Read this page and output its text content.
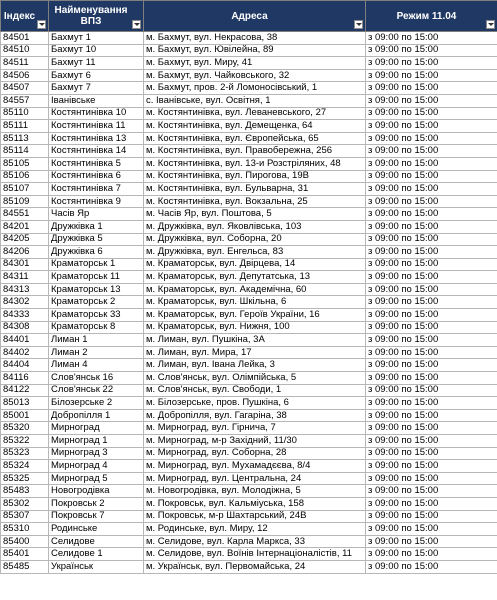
Індекс	Найменування ВПЗ	Адреса	Режим 11.04

84501	Бахмут 1	м. Бахмут, вул. Некрасова, 38	з 09:00 по 15:00
84510	Бахмут 10	м. Бахмут, вул. Ювілейна, 89	з 09:00 по 15:00
84511	Бахмут 11	м. Бахмут, вул. Миру, 41	з 09:00 по 15:00
84506	Бахмут 6	м. Бахмут, вул. Чайковського, 32	з 09:00 по 15:00
84507	Бахмут 7	м. Бахмут, пров. 2-й Ломоносівський, 1	з 09:00 по 15:00
84557	Іванівське	с. Іванівське, вул. Освітня, 1	з 09:00 по 15:00
85110	Костянтинівка 10	м. Костянтинівка, вул. Леваневського, 27	з 09:00 по 15:00
85111	Костянтинівка 11	м. Костянтинівка, вул. Демещенка, 64	з 09:00 по 15:00
85113	Костянтинівка 13	м. Костянтинівка, вул. Європейська, 65	з 09:00 по 15:00
85114	Костянтинівка 14	м. Костянтинівка, вул. Правобережна, 256	з 09:00 по 15:00
85105	Костянтинівка 5	м. Костянтинівка, вул. 13-и Розстріляних, 48	з 09:00 по 15:00
85106	Костянтинівка 6	м. Костянтинівка, вул. Пирогова, 19В	з 09:00 по 15:00
85107	Костянтинівка 7	м. Костянтинівка, вул. Бульварна, 31	з 09:00 по 15:00
85109	Костянтинівка 9	м. Костянтинівка, вул. Вокзальна, 25	з 09:00 по 15:00
84551	Часів Яр	м. Часів Яр, вул. Поштова, 5	з 09:00 по 15:00
84201	Дружківка 1	м. Дружківка, вул. Яковлівська, 103	з 09:00 по 15:00
84205	Дружківка 5	м. Дружківка, вул. Соборна, 20	з 09:00 по 15:00
84206	Дружківка 6	м. Дружківка, вул. Енгельса, 83	з 09:00 по 15:00
84301	Краматорськ 1	м. Краматорськ, вул. Двірцева, 14	з 09:00 по 15:00
84311	Краматорськ 11	м. Краматорськ, вул. Депутатська, 13	з 09:00 по 15:00
84313	Краматорськ 13	м. Краматорськ, вул. Академічна, 60	з 09:00 по 15:00
84302	Краматорськ 2	м. Краматорськ, вул. Шкільна, 6	з 09:00 по 15:00
84333	Краматорськ 33	м. Краматорськ, вул. Героїв України, 16	з 09:00 по 15:00
84308	Краматорськ 8	м. Краматорськ, вул. Нижня, 100	з 09:00 по 15:00
84401	Лиман 1	м. Лиман, вул. Пушкіна, 3А	з 09:00 по 15:00
84402	Лиман 2	м. Лиман, вул. Мира, 17	з 09:00 по 15:00
84404	Лиман 4	м. Лиман, вул. Івана Лейка, 3	з 09:00 по 15:00
84116	Слов'янськ 16	м. Слов'янськ, вул. Олімпійська, 5	з 09:00 по 15:00
84122	Слов'янськ 22	м. Слов'янськ, вул. Свободи, 1	з 09:00 по 15:00
85013	Білозерське 2	м. Білозерське, пров. Пушкіна, 6	з 09:00 по 15:00
85001	Добропілля 1	м. Добропілля, вул. Гагаріна, 38	з 09:00 по 15:00
85320	Мирноград	м. Мирноград, вул. Гірнича, 7	з 09:00 по 15:00
85322	Мирноград 1	м. Мирноград, м-р Західний, 11/30	з 09:00 по 15:00
85323	Мирноград 3	м. Мирноград, вул. Соборна, 28	з 09:00 по 15:00
85324	Мирноград 4	м. Мирноград, вул. Мухамадєєва, 8/4	з 09:00 по 15:00
85325	Мирноград 5	м. Мирноград, вул. Центральна, 24	з 09:00 по 15:00
85483	Новогродівка	м. Новогродівка, вул. Молодіжна, 5	з 09:00 по 15:00
85302	Покровськ 2	м. Покровськ, вул. Кальміуська, 158	з 09:00 по 15:00
85307	Покровськ 7	м. Покровськ, м-р Шахтарський, 24В	з 09:00 по 15:00
85310	Родинське	м. Родинське, вул. Миру, 12	з 09:00 по 15:00
85400	Селидове	м. Селидове, вул. Карла Маркса, 33	з 09:00 по 15:00
85401	Селидове 1	м. Селидове, вул. Воїнів Інтернаціоналістів, 11	з 09:00 по 15:00
85485	Українськ	м. Українськ, вул. Первомайська, 24	з 09:00 по 15:00
